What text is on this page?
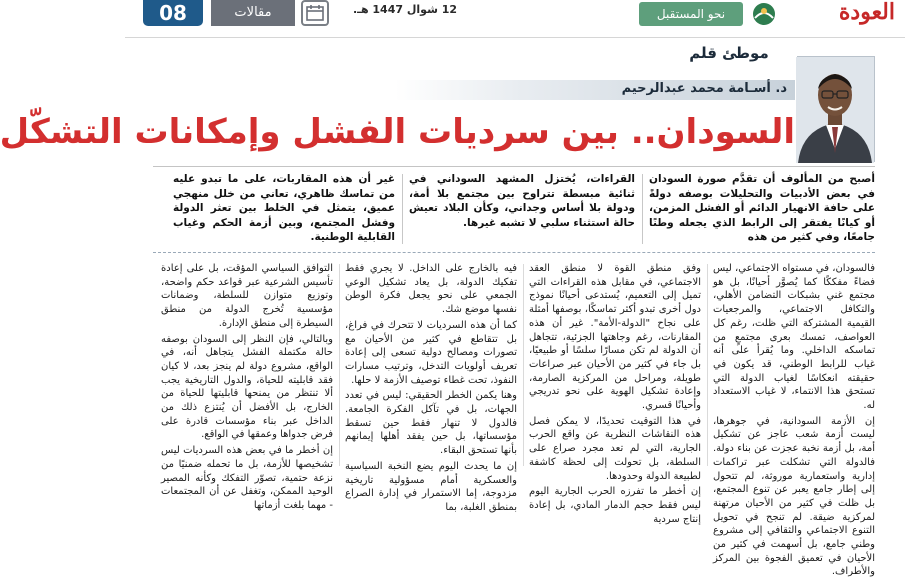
08	مقالات	12 شوال 1447 هـ.	نحو المستقبل	العودة
موطئ قلم
د. أسـامة محمد عبدالرحيم
السودان.. بين سرديات الفشل وإمكانات التشكّل

أصبح من المألوف أن تقدَّم صورة السودان في بعض الأدبيات والتحليلات بوصفه دولةً على حافة الانهيار الدائم أو الفشل المزمن، أو كيانًا يفتقر إلى الرابط الذي يجعله وطنًا جامعًا، وفي كثير من هذه

القراءات، يُختزل المشهد السوداني في ثنائية مبسطة تتراوح بين مجتمع بلا أمة، ودولة بلا أساس وجداني، وكأن البلاد تعيش حالة استثناء سلبي لا تشبه غيرها.

غير أن هذه المقاربات، على ما تبدو عليه من تماسك ظاهري، تعاني من خلل منهجي عميق، يتمثل في الخلط بين تعثر الدولة وفشل المجتمع، وبين أزمة الحكم وغياب القابلية الوطنية.

فالسودان، في مستواه الاجتماعي، ليس فضاءً مفككًا كما يُصوَّر أحيانًا، بل هو مجتمع غني بشبكات التضامن الأهلي، والتكافل الاجتماعي، والمرجعيات القيمية المشتركة التي ظلت، رغم كل العواصف، تمسك بعرى مجتمعٍ من تماسكه الداخلي. وما يُقرأ على أنه غياب للرابط الوطني، قد يكون في حقيقته انعكاسًا لغياب الدولة التي تستحق هذا الانتماء، لا غياب الاستعداد له.

إن الأزمة السودانية، في جوهرها، ليست أزمة شعب عاجز عن تشكيل أمة، بل أزمة نخبة عجزت عن بناء دولة. فالدولة التي تشكلت عبر تراكمات إدارية واستعمارية موروثة، لم تتحول إلى إطار جامع يعبر عن تنوع المجتمع، بل ظلت في كثير من الأحيان مرتهنة لمركزية ضيقة. لم تنجح في تحويل التنوع الاجتماعي والثقافي إلى مشروع وطني جامع، بل أسهمت في كثير من الأحيان في تعميق الفجوة بين المركز والأطراف.

وفق منطق القوة لا منطق العقد الاجتماعي، في مقابل هذه القراءات التي تميل إلى التعميم، يُستدعى أحيانًا نموذج دول أخرى تبدو أكثر تماسكًا، بوصفها أمثلة على نجاح "الدولة-الأمة". غير أن هذه المقارنات، رغم وجاهتها الجزئية، تتجاهل أن الدولة لم تكن مسارًا سلسًا أو طبيعيًا، بل جاء في كثير من الأحيان عبر صراعات طويلة، ومراحل من المركزية الصارمة، وإعادة تشكيل الهوية على نحو تدريجي وأحيانًا قسري.

في هذا التوقيت تحديدًا، لا يمكن فصل هذه النقاشات النظرية عن واقع الحرب الجارية، التي لم تعد مجرد صراع على السلطة، بل تحولت إلى لحظة كاشفة لطبيعة الدولة وحدودها.

إن أخطر ما تفرزه الحرب الجارية اليوم ليس فقط حجم الدمار المادي، بل إعادة إنتاج سردية

فيه بالخارج على الداخل. لا يجري فقط تفكيك الدولة، بل يعاد تشكيل الوعي الجمعي على نحو يجعل فكرة الوطن نفسها موضع شك.

كما أن هذه السرديات لا تتحرك في فراغ، بل تتقاطع في كثير من الأحيان مع تصورات ومصالح دولية تسعى إلى إعادة تعريف أولويات التدخل، وترتيب مسارات النفوذ، تحت غطاء توصيف الأزمة لا حلها.

وهنا يكمن الخطر الحقيقي: ليس في تعدد الجهات، بل في تآكل الفكرة الجامعة. فالدول لا تنهار فقط حين تسقط مؤسساتها، بل حين يفقد أهلها إيمانهم بأنها تستحق البقاء.

إن ما يحدث اليوم يضع النخبة السياسية والعسكرية أمام مسؤولية تاريخية مزدوجة، إما الاستمرار في إدارة الصراع بمنطق الغلبة، بما

التوافق السياسي المؤقت، بل على إعادة تأسيس الشرعية عبر قواعد حكم واضحة، وتوزيع متوازن للسلطة، وضمانات مؤسسية تُخرج الدولة من منطق السيطرة إلى منطق الإدارة.

وبالتالي، فإن النظر إلى السودان بوصفه حالة مكتملة الفشل يتجاهل أنه، في الواقع، مشروع دولة لم ينجز بعد، لا كيان فقد قابليته للحياة، والدول التاريخية يجب ألا تنتظر من يمنحها قابليتها للحياة من الخارج، بل الأفضل أن يُنتزع ذلك من الداخل عبر بناء مؤسسات قادرة على فرض جدواها وعمقها في الواقع.

إن أخطر ما في بعض هذه السرديات ليس تشخيصها للأزمة، بل ما تحمله ضمنيًا من نزعة حتمية، تصوّر التفكك وكأنه المصير الوحيد الممكن، وتغفل عن أن المجتمعات - مهما بلغت أزماتها
